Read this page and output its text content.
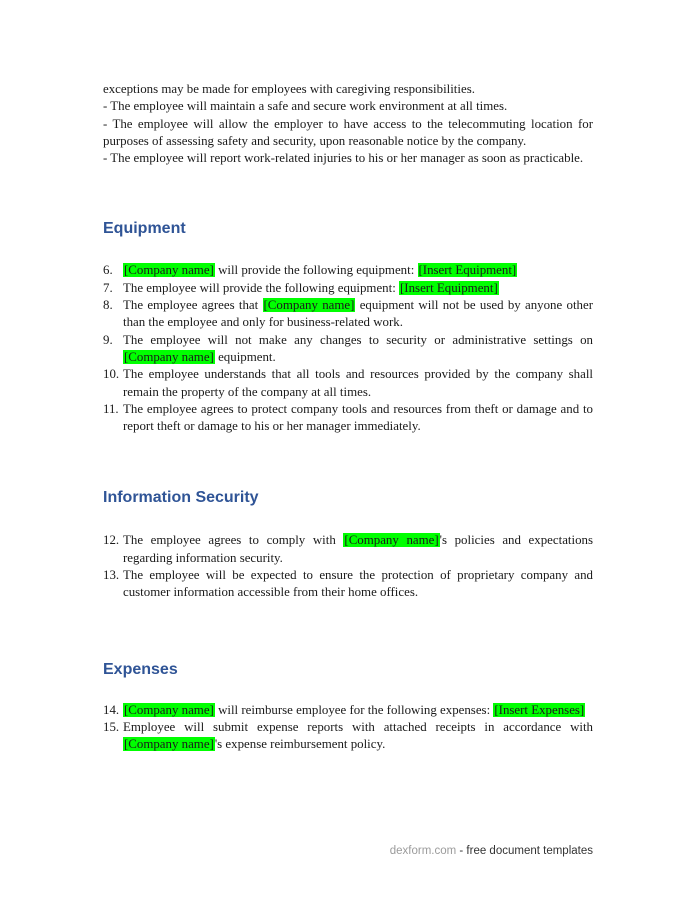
exceptions may be made for employees with caregiving responsibilities.
- The employee will maintain a safe and secure work environment at all times.
- The employee will allow the employer to have access to the telecommuting location for purposes of assessing safety and security, upon reasonable notice by the company.
- The employee will report work-related injuries to his or her manager as soon as practicable.
Equipment
6. [Company name] will provide the following equipment: [Insert Equipment]
7. The employee will provide the following equipment: [Insert Equipment]
8. The employee agrees that [Company name] equipment will not be used by anyone other than the employee and only for business-related work.
9. The employee will not make any changes to security or administrative settings on [Company name] equipment.
10. The employee understands that all tools and resources provided by the company shall remain the property of the company at all times.
11. The employee agrees to protect company tools and resources from theft or damage and to report theft or damage to his or her manager immediately.
Information Security
12. The employee agrees to comply with [Company name]'s policies and expectations regarding information security.
13. The employee will be expected to ensure the protection of proprietary company and customer information accessible from their home offices.
Expenses
14. [Company name] will reimburse employee for the following expenses: [Insert Expenses]
15. Employee will submit expense reports with attached receipts in accordance with [Company name]'s expense reimbursement policy.
dexform.com - free document templates
